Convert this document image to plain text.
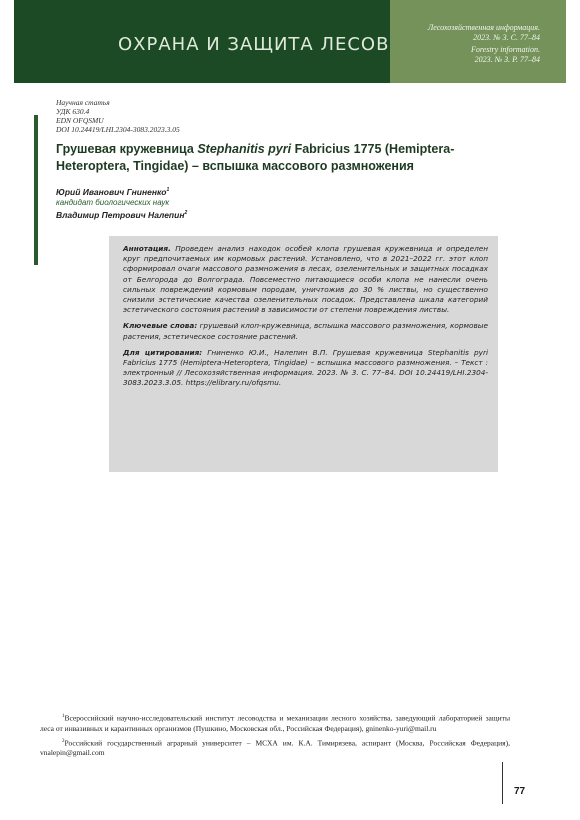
ОХРАНА И ЗАЩИТА ЛЕСОВ
Лесохозяйственная информация.
2023. № 3. С. 77–84
Forestry information.
2023. № 3. P. 77–84
Научная статья
УДК 630.4
EDN OFQSMU
DOI 10.24419/LHI.2304-3083.2023.3.05
Грушевая кружевница Stephanitis pyri Fabricius 1775 (Hemiptera-Heteroptera, Tingidae) – вспышка массового размножения
Юрий Иванович Гниненко$^1$
кандидат биологических наук
Владимир Петрович Налепин$^2$

Аннотация. Проведен анализ находок особей клопа грушевая кружевница и определен круг предпочитаемых им кормовых растений. Установлено, что в 2021–2022 гг. этот клоп сформировал очаги массового размножения в лесах, озеленительных и защитных посадках от Белгорода до Волгограда. Повсеместно питающиеся особи клопа не нанесли очень сильных повреждений кормовым породам, уничтожив до 30 % листвы, но существенно снизили эстетические качества озеленительных посадок. Представлена шкала категорий эстетического состояния растений в зависимости от степени повреждения листвы.

Ключевые слова: грушевый клоп-кружевница, вспышка массового размножения, кормовые растения, эстетическое состояние растений.

Для цитирования: Гниненко Ю.И., Налепин В.П. Грушевая кружевница Stephanitis pyri Fabricius 1775 (Hemiptera-Heteroptera, Tingidae) – вспышка массового размножения. – Текст : электронный // Лесохозяйственная информация. 2023. № 3. С. 77–84. DOI 10.24419/LHI.2304-3083.2023.3.05. https://elibrary.ru/ofqsmu.

$^1$Всероссийский научно-исследовательский институт лесоводства и механизации лесного хозяйства, заведующий лабораторией защиты леса от инвазивных и карантинных организмов (Пушкино, Московская обл., Российская Федерация), gninenko-yuri@mail.ru
$^2$Российский государственный аграрный университет – МСХА им. К.А. Тимирязева, аспирант (Москва, Российская Федерация), vnalepin@gmail.com
77
